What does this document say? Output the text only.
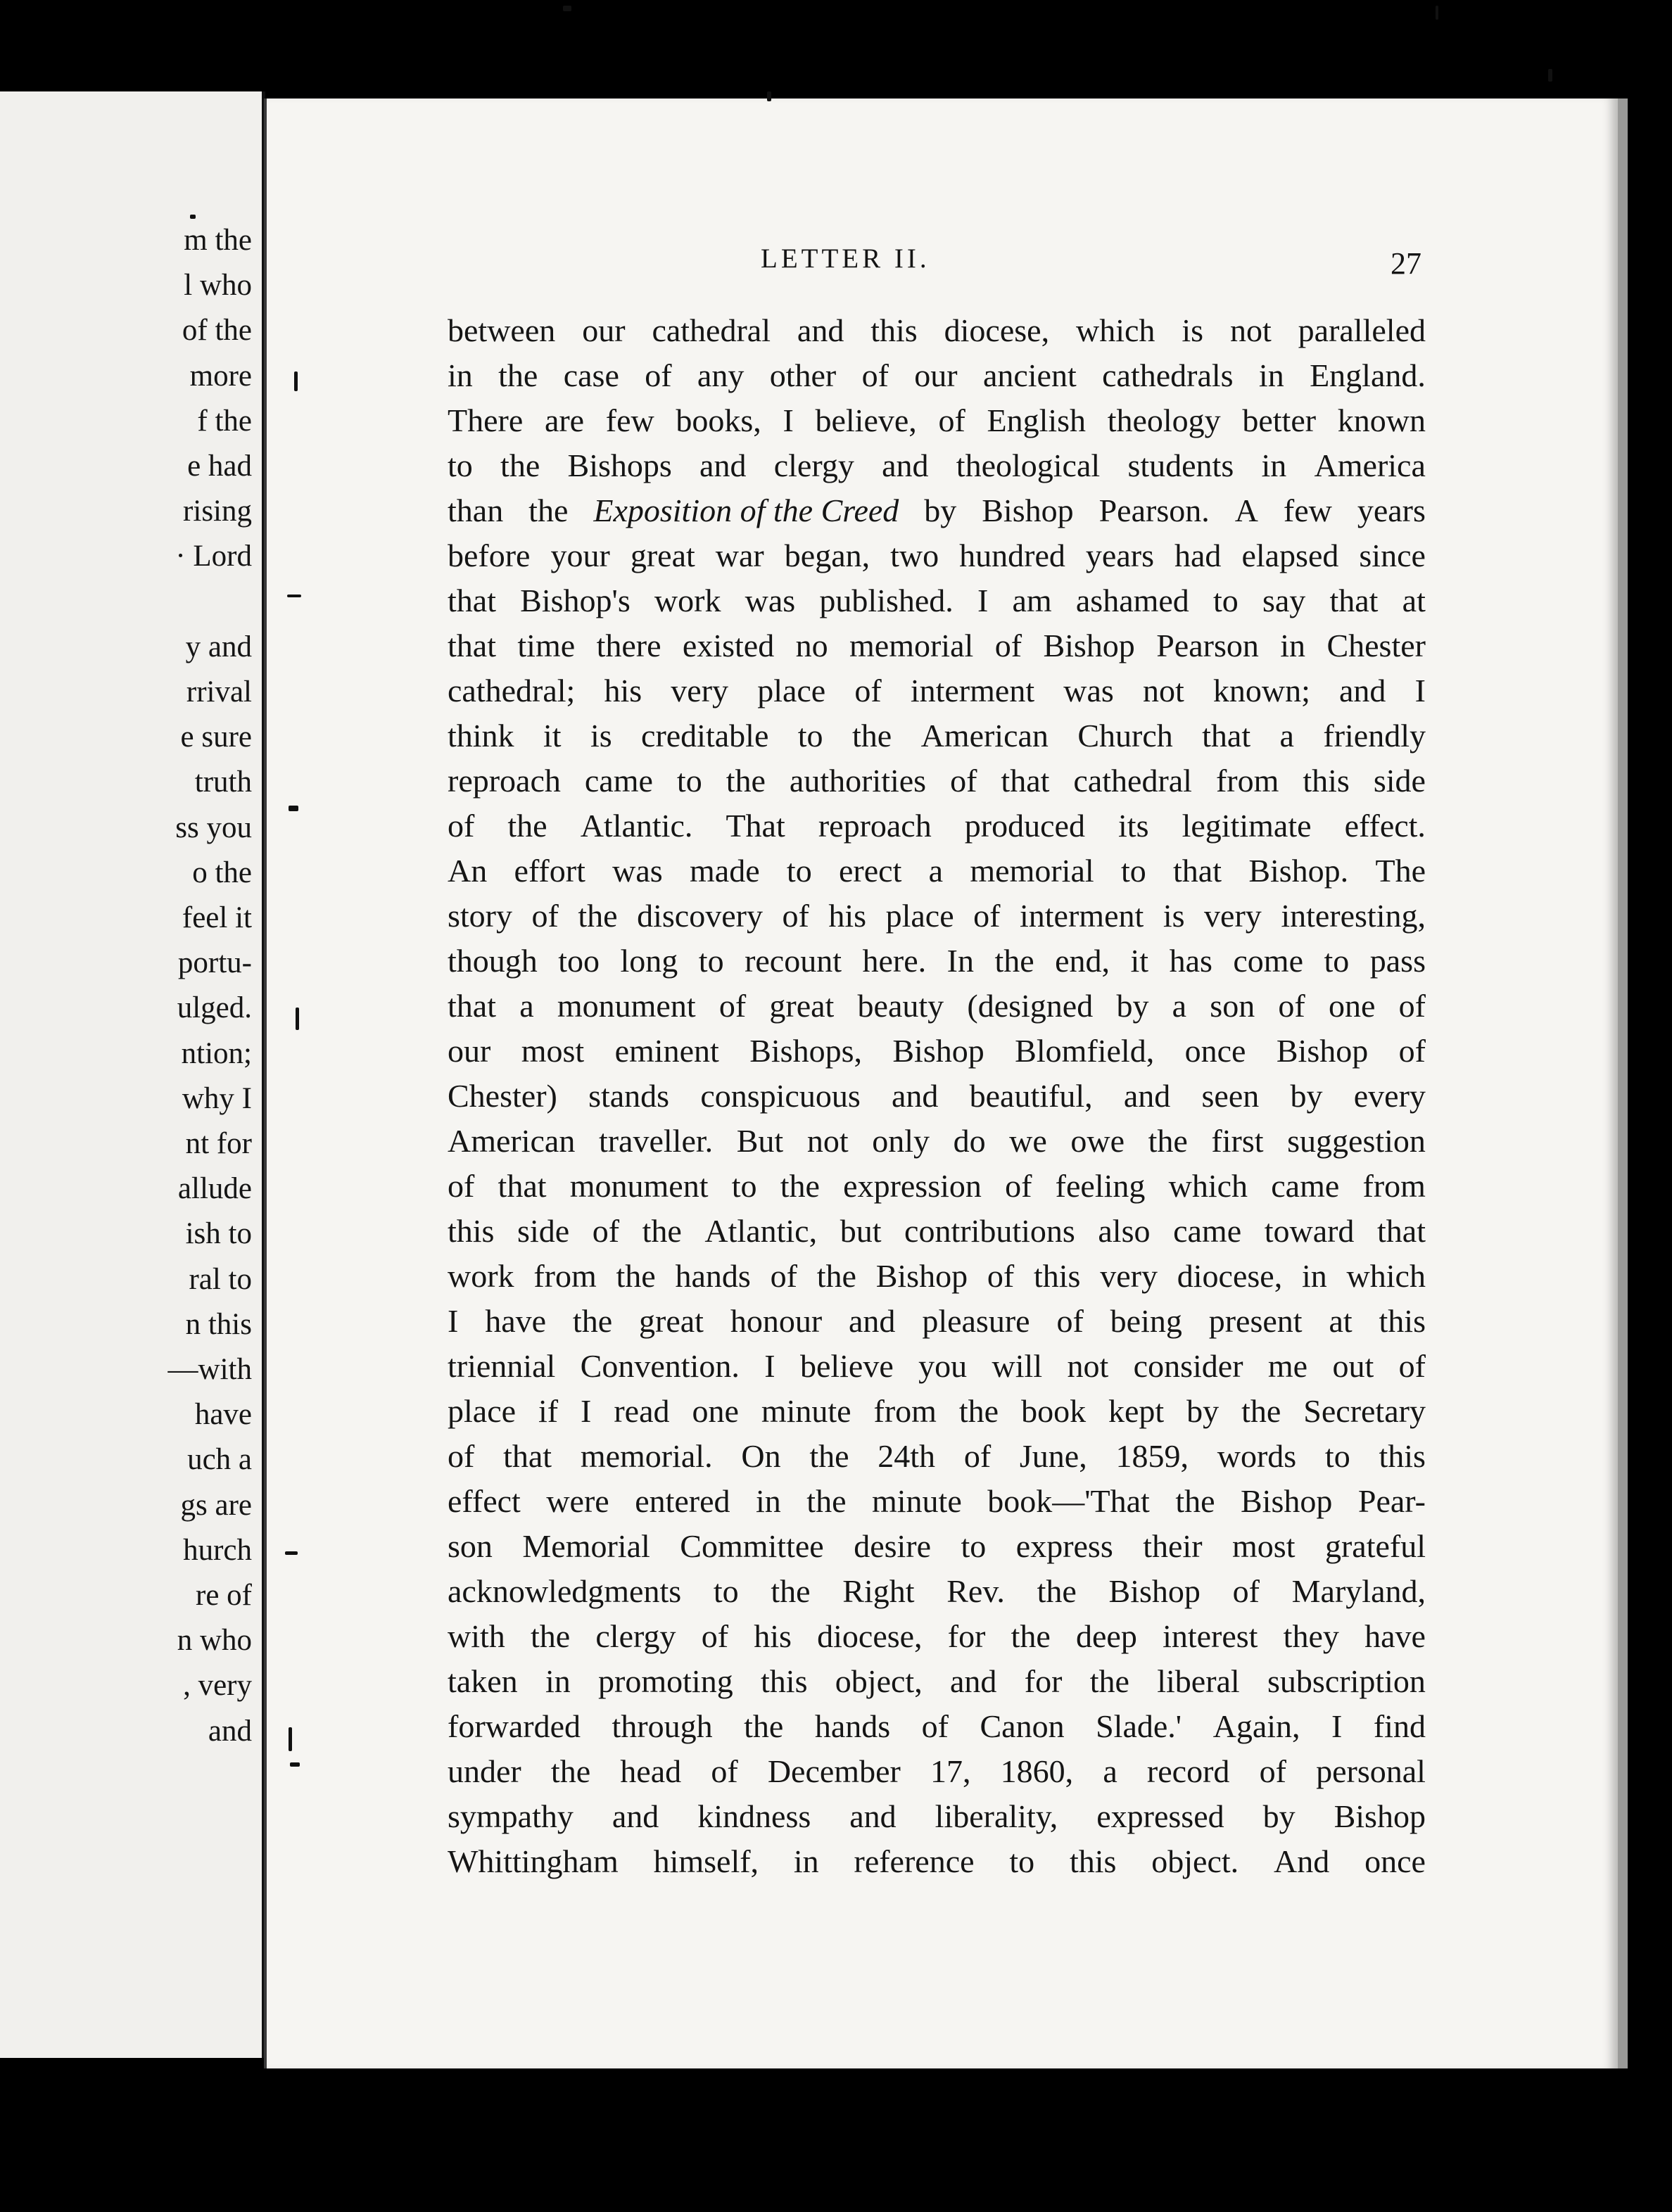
m the
l who
of the
more
f the
e had
rising
· Lord
y and
rrival
e sure
truth
ss you
o the
feel it
portu-
ulged.
ntion;
why I
nt for
allude
ish to
ral to
n this
—with
have
uch a
gs are
hurch
re of
n who
, very
and
LETTER II.	27
between our cathedral and this diocese, which is not paralleled
in the case of any other of our ancient cathedrals in England.
There are few books, I believe, of English theology better known
to the Bishops and clergy and theological students in America
than the Exposition of the Creed by Bishop Pearson. A few years
before your great war began, two hundred years had elapsed since
that Bishop's work was published. I am ashamed to say that at
that time there existed no memorial of Bishop Pearson in Chester
cathedral; his very place of interment was not known; and I
think it is creditable to the American Church that a friendly
reproach came to the authorities of that cathedral from this side
of the Atlantic. That reproach produced its legitimate effect.
An effort was made to erect a memorial to that Bishop. The
story of the discovery of his place of interment is very interesting,
though too long to recount here. In the end, it has come to pass
that a monument of great beauty (designed by a son of one of
our most eminent Bishops, Bishop Blomfield, once Bishop of
Chester) stands conspicuous and beautiful, and seen by every
American traveller. But not only do we owe the first suggestion
of that monument to the expression of feeling which came from
this side of the Atlantic, but contributions also came toward that
work from the hands of the Bishop of this very diocese, in which
I have the great honour and pleasure of being present at this
triennial Convention. I believe you will not consider me out of
place if I read one minute from the book kept by the Secretary
of that memorial. On the 24th of June, 1859, words to this
effect were entered in the minute book—'That the Bishop Pear-
son Memorial Committee desire to express their most grateful
acknowledgments to the Right Rev. the Bishop of Maryland,
with the clergy of his diocese, for the deep interest they have
taken in promoting this object, and for the liberal subscription
forwarded through the hands of Canon Slade.' Again, I find
under the head of December 17, 1860, a record of personal
sympathy and kindness and liberality, expressed by Bishop
Whittingham himself, in reference to this object. And once
